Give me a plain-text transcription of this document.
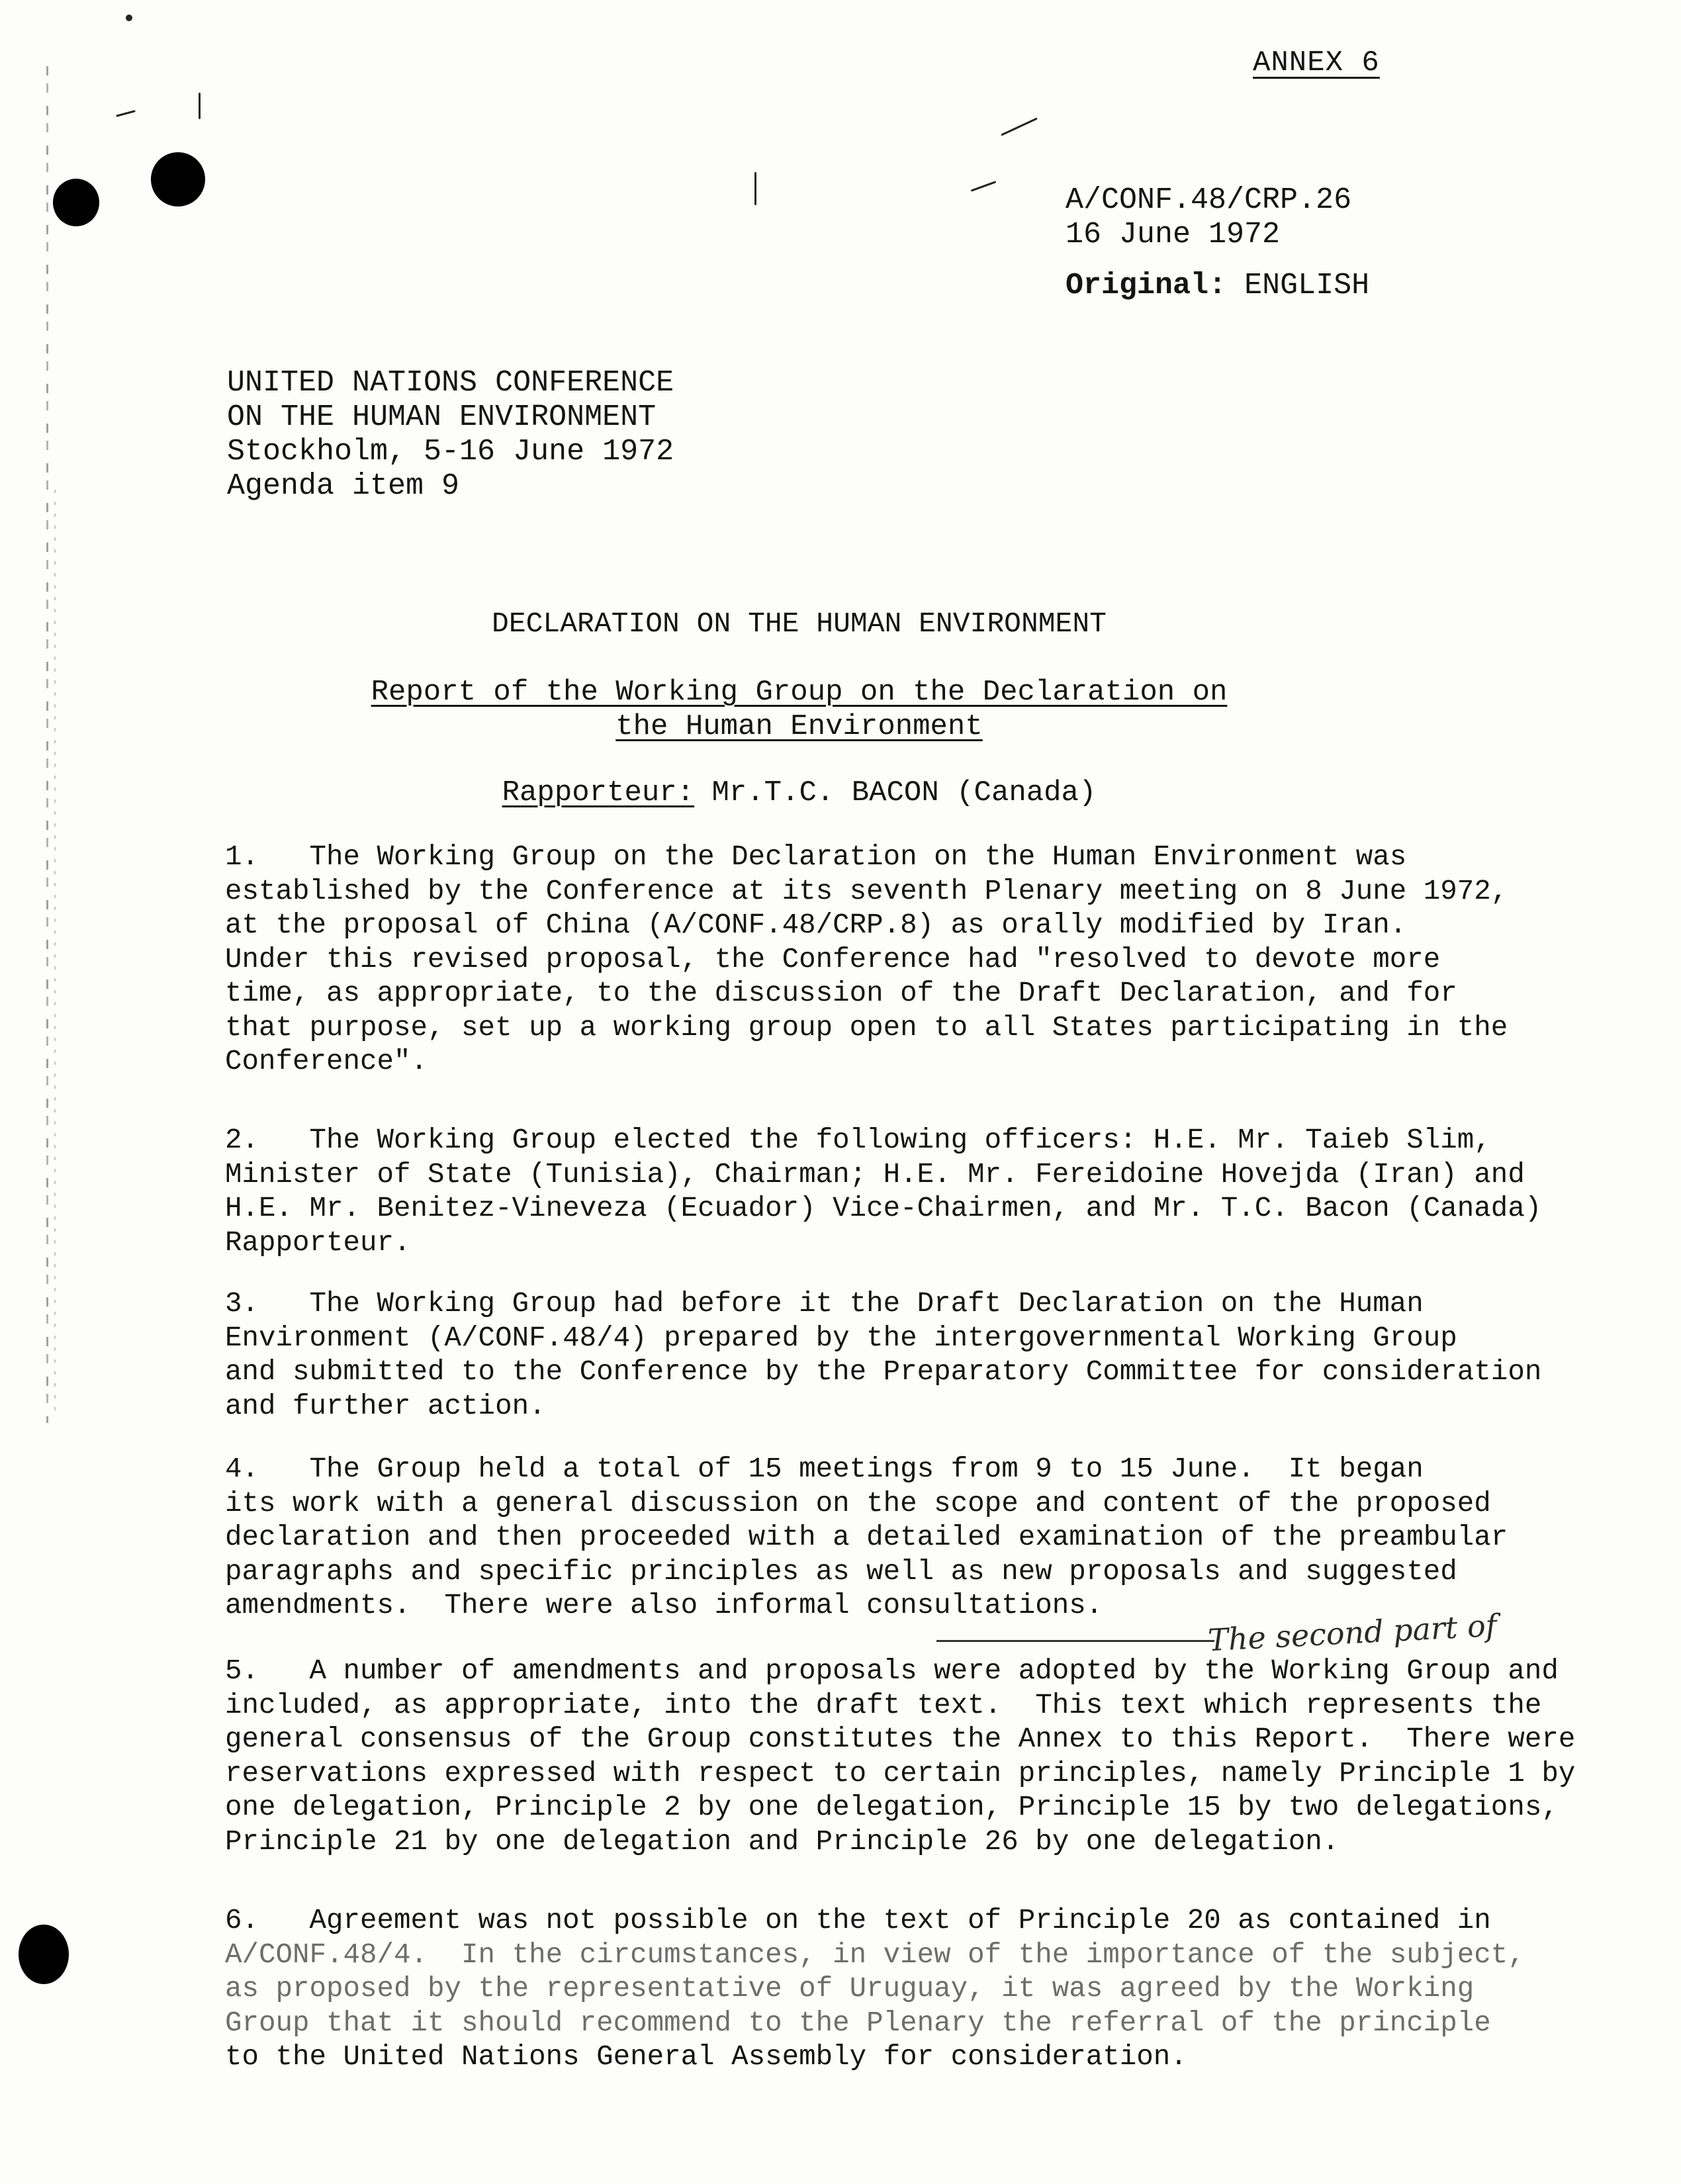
ANNEX 6
A/CONF.48/CRP.26
16 June 1972
Original: ENGLISH
UNITED NATIONS CONFERENCE
ON THE HUMAN ENVIRONMENT
Stockholm, 5-16 June 1972
Agenda item 9
DECLARATION ON THE HUMAN ENVIRONMENT
Report of the Working Group on the Declaration on
the Human Environment
Rapporteur: Mr.T.C. BACON (Canada)
1.   The Working Group on the Declaration on the Human Environment was
established by the Conference at its seventh Plenary meeting on 8 June 1972,
at the proposal of China (A/CONF.48/CRP.8) as orally modified by Iran.
Under this revised proposal, the Conference had "resolved to devote more
time, as appropriate, to the discussion of the Draft Declaration, and for
that purpose, set up a working group open to all States participating in the
Conference".
2.   The Working Group elected the following officers: H.E. Mr. Taieb Slim,
Minister of State (Tunisia), Chairman; H.E. Mr. Fereidoine Hovejda (Iran) and
H.E. Mr. Benitez-Vineveza (Ecuador) Vice-Chairmen, and Mr. T.C. Bacon (Canada)
Rapporteur.
3.   The Working Group had before it the Draft Declaration on the Human
Environment (A/CONF.48/4) prepared by the intergovernmental Working Group
and submitted to the Conference by the Preparatory Committee for consideration
and further action.
4.   The Group held a total of 15 meetings from 9 to 15 June.  It began
its work with a general discussion on the scope and content of the proposed
declaration and then proceeded with a detailed examination of the preambular
paragraphs and specific principles as well as new proposals and suggested
amendments.  There were also informal consultations.
The second part of
5.   A number of amendments and proposals were adopted by the Working Group and
included, as appropriate, into the draft text.  This text which represents the
general consensus of the Group constitutes the Annex to this Report.  There were
reservations expressed with respect to certain principles, namely Principle 1 by
one delegation, Principle 2 by one delegation, Principle 15 by two delegations,
Principle 21 by one delegation and Principle 26 by one delegation.
6.   Agreement was not possible on the text of Principle 20 as contained in
A/CONF.48/4.  In the circumstances, in view of the importance of the subject,
as proposed by the representative of Uruguay, it was agreed by the Working
Group that it should recommend to the Plenary the referral of the principle
to the United Nations General Assembly for consideration.
